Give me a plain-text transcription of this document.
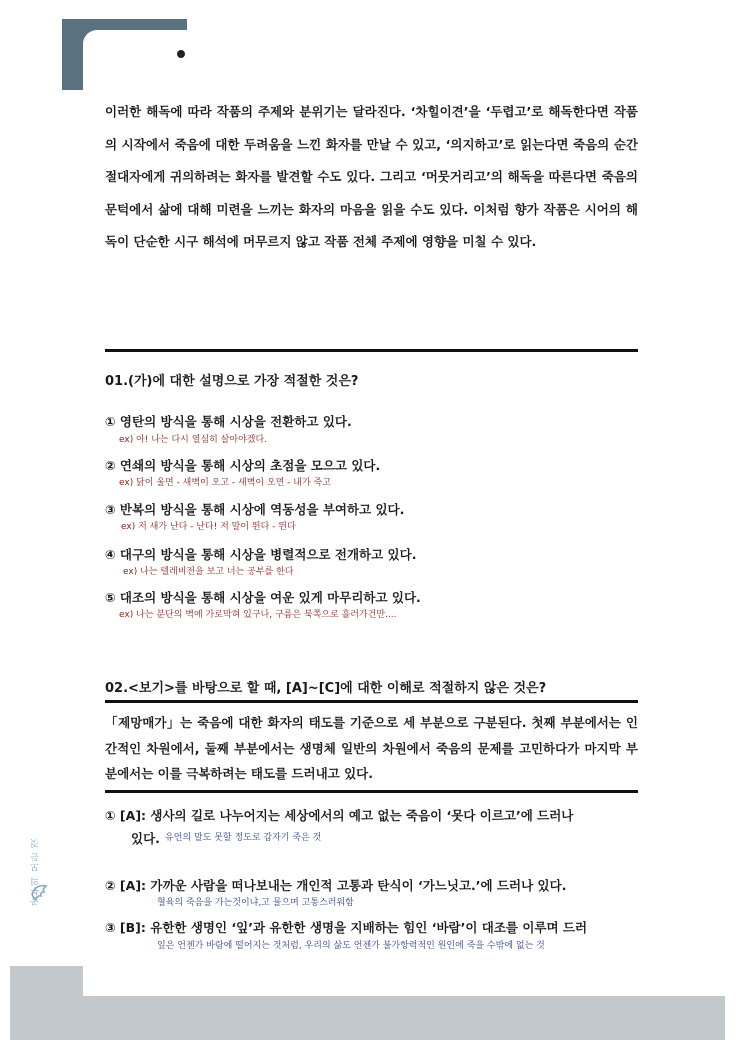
공부의 모든 것

이러한 해독에 따라 작품의 주제와 분위기는 달라진다. ‘차힐이견’을 ‘두렵고’로 해독한다면 작품의 시작에서 죽음에 대한 두려움을 느낀 화자를 만날 수 있고, ‘의지하고’로 읽는다면 죽음의 순간 절대자에게 귀의하려는 화자를 발견할 수도 있다. 그리고 ‘머뭇거리고’의 해독을 따른다면 죽음의 문턱에서 삶에 대해 미련을 느끼는 화자의 마음을 읽을 수도 있다. 이처럼 향가 작품은 시어의 해독이 단순한 시구 해석에 머무르지 않고 작품 전체 주제에 영향을 미칠 수 있다.

01.(가)에 대한 설명으로 가장 적절한 것은?

① 영탄의 방식을 통해 시상을 전환하고 있다.

ex) 아! 나는 다시 열심히 살아야겠다.

② 연쇄의 방식을 통해 시상의 초점을 모으고 있다.

ex) 닭이 울면 - 새벽이 오고 - 새벽이 오면 - 내가 죽고

③ 반복의 방식을 통해 시상에 역동성을 부여하고 있다.

ex) 저 새가 난다 - 난다! 저 말이 뛴다 - 뛴다

④ 대구의 방식을 통해 시상을 병렬적으로 전개하고 있다.

ex) 나는 텔레비전을 보고 너는 공부를 한다

⑤ 대조의 방식을 통해 시상을 여운 있게 마무리하고 있다.

ex) 나는 분단의 벽에 가로막혀 있구나, 구름은 북쪽으로 흘러가건만....

02.<보기>를 바탕으로 할 때, [A]~[C]에 대한 이해로 적절하지 않은 것은?

「제망매가」는 죽음에 대한 화자의 태도를 기준으로 세 부분으로 구분된다. 첫째 부분에서는 인간적인 차원에서, 둘째 부분에서는 생명체 일반의 차원에서 죽음의 문제를 고민하다가 마지막 부분에서는 이를 극복하려는 태도를 드러내고 있다.

① [A]: 생사의 길로 나누어지는 세상에서의 예고 없는 죽음이 ‘못다 이르고’에 드러나

있다. 유언의 말도 못할 정도로 갑자기 죽은 것

② [A]: 가까운 사람을 떠나보내는 개인적 고통과 탄식이 ‘가느닛고.’에 드러나 있다.

혈육의 죽음을 가는것이냐,고 물으며 고통스러워함

③ [B]: 유한한 생명인 ‘잎’과 유한한 생명을 지배하는 힘인 ‘바람’이 대조를 이루며 드러

잎은 언젠가 바람에 떨어지는 것처럼, 우리의 삶도 언젠가 불가항력적인 원인에 죽을 수밖에 없는 것
